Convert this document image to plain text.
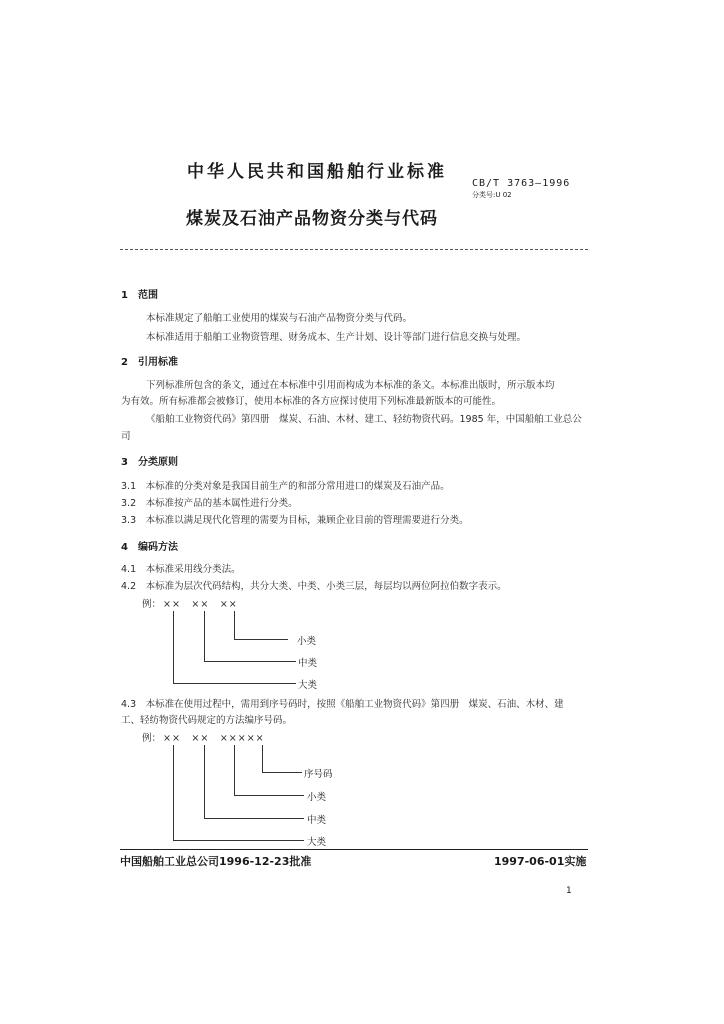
中华人民共和国船舶行业标准
CB/T 3763—1996
分类号:U 02
煤炭及石油产品物资分类与代码
1　范围
本标准规定了船舶工业使用的煤炭与石油产品物资分类与代码。
本标准适用于船舶工业物资管理、财务成本、生产计划、设计等部门进行信息交换与处理。
2　引用标准
下列标准所包含的条文，通过在本标准中引用而构成为本标准的条文。本标准出版时，所示版本均
为有效。所有标准都会被修订，使用本标准的各方应探讨使用下列标准最新版本的可能性。
《船舶工业物资代码》第四册　煤炭、石油、木材、建工、轻纺物资代码。1985 年，中国船舶工业总公
司
3　分类原则
3.1　本标准的分类对象是我国目前生产的和部分常用进口的煤炭及石油产品。
3.2　本标准按产品的基本属性进行分类。
3.3　本标准以满足现代化管理的需要为目标，兼顾企业目前的管理需要进行分类。
4　编码方法
4.1　本标准采用线分类法。
4.2　本标准为层次代码结构，共分大类、中类、小类三层，每层均以两位阿拉伯数字表示。
例： ××　××　××
小类
中类
大类
4.3　本标准在使用过程中，需用到序号码时，按照《船舶工业物资代码》第四册　煤炭、石油、木材、建
工、轻纺物资代码规定的方法编序号码。
例： ××　××　×××××
序号码
小类
中类
大类
中国船舶工业总公司1996-12-23批准	1997-06-01实施
1
